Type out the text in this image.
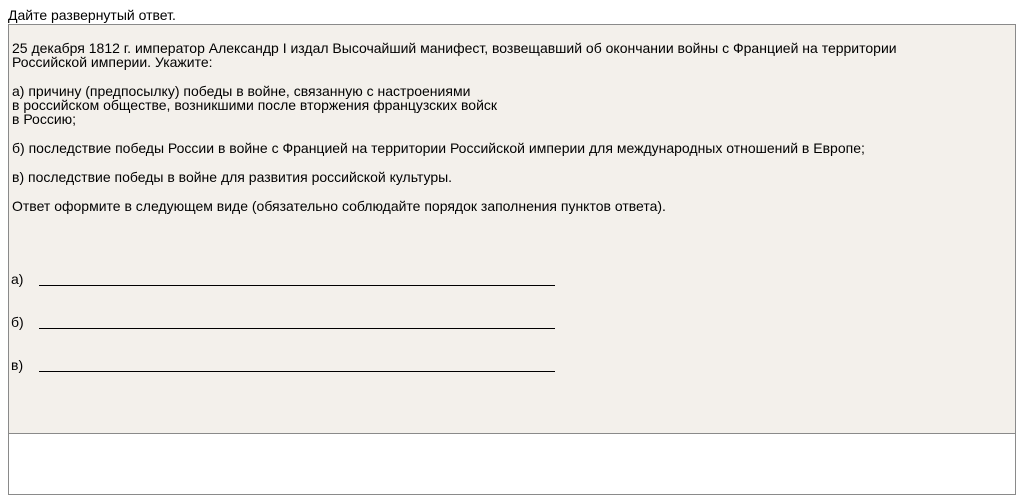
Дайте развернутый ответ.

25 декабря 1812 г. император Александр I издал Высочайший манифест, возвещавший об окончании войны с Францией на территории
Российской империи. Укажите:

а) причину (предпосылку) победы в войне, связанную с настроениями
в российском обществе, возникшими после вторжения французских войск
в Россию;

б) последствие победы России в войне с Францией на территории Российской империи для международных отношений в Европе;

в) последствие победы в войне для развития российской культуры.

Ответ оформите в следующем виде (обязательно соблюдайте порядок заполнения пунктов ответа).

а)
б)
в)
